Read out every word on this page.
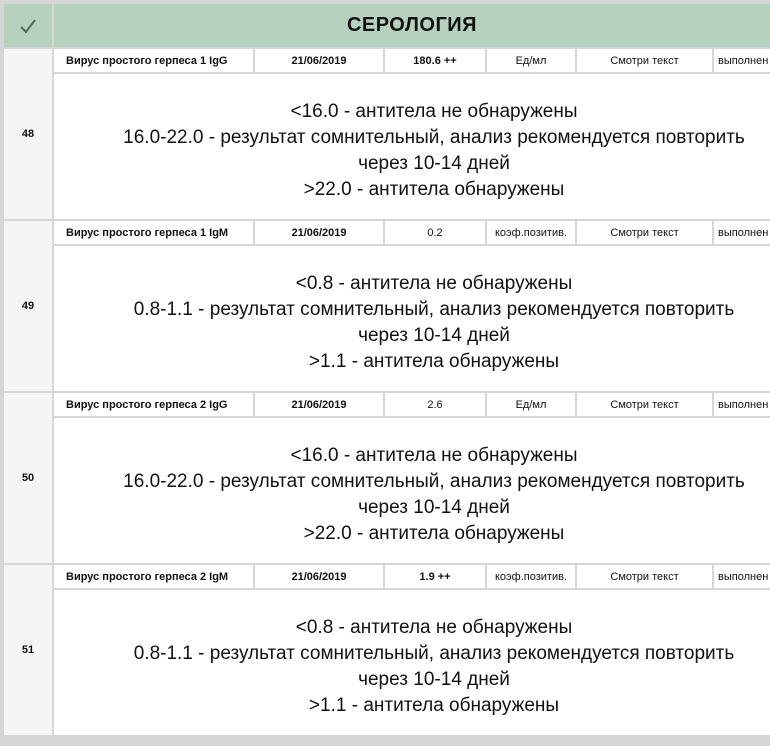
СЕРОЛОГИЯ
48
Вирус простого герпеса 1 IgG	21/06/2019	180.6 ++	Ед/мл	Смотри текст	выполнен
<16.0 - антитела не обнаружены
16.0-22.0 - результат сомнительный, анализ рекомендуется повторить
через 10-14 дней
>22.0 - антитела обнаружены
49
Вирус простого герпеса 1 IgM	21/06/2019	0.2	коэф.позитив.	Смотри текст	выполнен
<0.8 - антитела не обнаружены
0.8-1.1 - результат сомнительный, анализ рекомендуется повторить
через 10-14 дней
>1.1 - антитела обнаружены
50
Вирус простого герпеса 2 IgG	21/06/2019	2.6	Ед/мл	Смотри текст	выполнен
<16.0 - антитела не обнаружены
16.0-22.0 - результат сомнительный, анализ рекомендуется повторить
через 10-14 дней
>22.0 - антитела обнаружены
51
Вирус простого герпеса 2 IgM	21/06/2019	1.9 ++	коэф.позитив.	Смотри текст	выполнен
<0.8 - антитела не обнаружены
0.8-1.1 - результат сомнительный, анализ рекомендуется повторить
через 10-14 дней
>1.1 - антитела обнаружены
